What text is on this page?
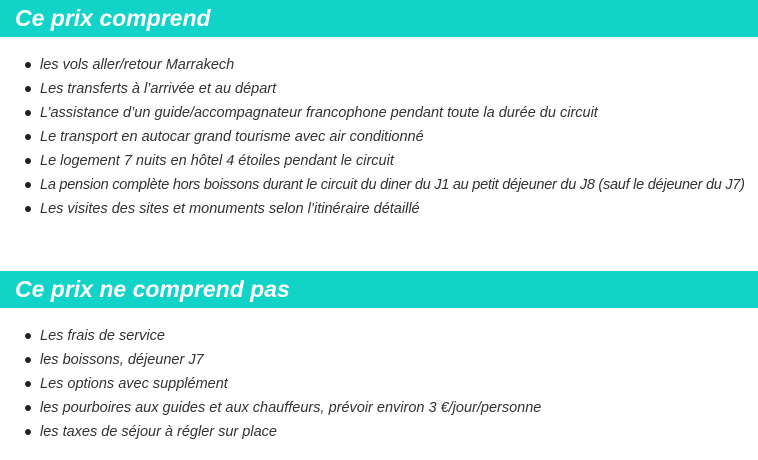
Ce prix comprend
les vols aller/retour Marrakech
Les transferts à l’arrivée et au départ
L’assistance d’un guide/accompagnateur francophone pendant toute la durée du circuit
Le transport en autocar grand tourisme avec air conditionné
Le logement 7 nuits en hôtel 4 étoiles pendant le circuit
La pension complète hors boissons durant le circuit du diner du J1 au petit déjeuner du J8 (sauf le déjeuner du J7)
Les visites des sites et monuments selon l’itinéraire détaillé
Ce prix ne comprend pas
Les frais de service
les boissons, déjeuner J7
Les options avec supplément
les pourboires aux guides et aux chauffeurs, prévoir environ 3 €/jour/personne
les taxes de séjour à régler sur place
